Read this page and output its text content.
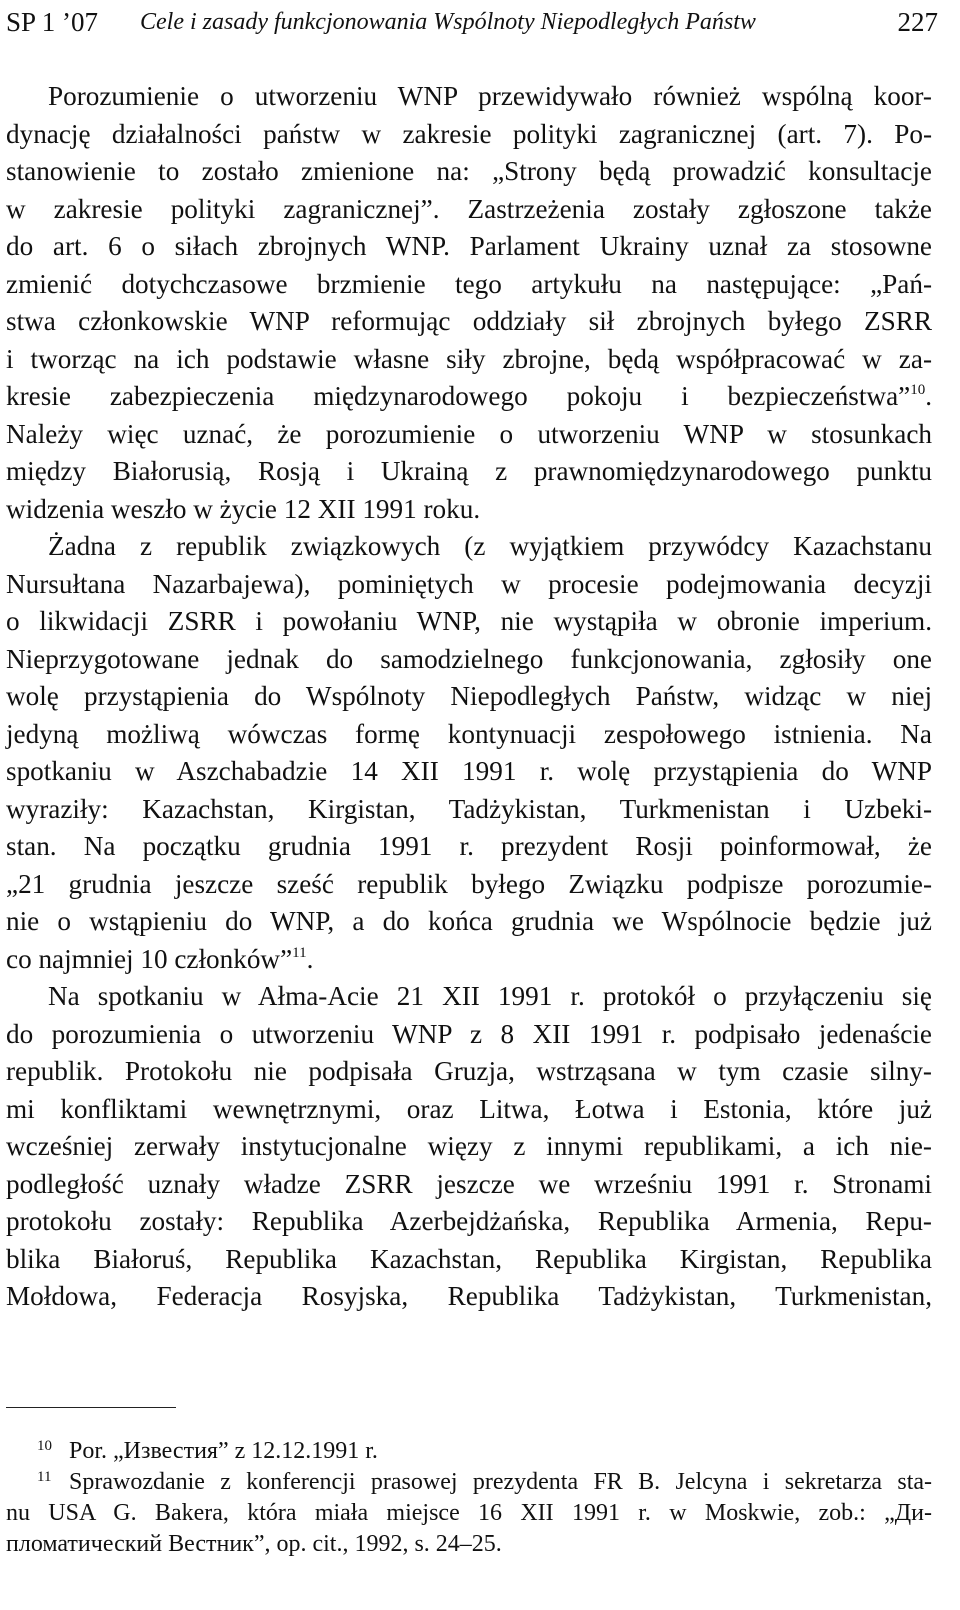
SP 1 ’07 Cele i zasady funkcjonowania Wspólnoty Niepodległych Państw	227
Porozumienie o utworzeniu WNP przewidywało również wspólną koor-
dynację działalności państw w zakresie polityki zagranicznej (art. 7). Po-
stanowienie to zostało zmienione na: „Strony będą prowadzić konsultacje
w zakresie polityki zagranicznej”. Zastrzeżenia zostały zgłoszone także
do art. 6 o siłach zbrojnych WNP. Parlament Ukrainy uznał za stosowne
zmienić dotychczasowe brzmienie tego artykułu na następujące: „Pań-
stwa członkowskie WNP reformując oddziały sił zbrojnych byłego ZSRR
i tworząc na ich podstawie własne siły zbrojne, będą współpracować w za-
kresie zabezpieczenia międzynarodowego pokoju i bezpieczeństwa”$^{10}$.
Należy więc uznać, że porozumienie o utworzeniu WNP w stosunkach
między Białorusią, Rosją i Ukrainą z prawnomiędzynarodowego punktu
widzenia weszło w życie 12 XII 1991 roku.
Żadna z republik związkowych (z wyjątkiem przywódcy Kazachstanu
Nursułtana Nazarbajewa), pominiętych w procesie podejmowania decyzji
o likwidacji ZSRR i powołaniu WNP, nie wystąpiła w obronie imperium.
Nieprzygotowane jednak do samodzielnego funkcjonowania, zgłosiły one
wolę przystąpienia do Wspólnoty Niepodległych Państw, widząc w niej
jedyną możliwą wówczas formę kontynuacji zespołowego istnienia. Na
spotkaniu w Aszchabadzie 14 XII 1991 r. wolę przystąpienia do WNP
wyraziły: Kazachstan, Kirgistan, Tadżykistan, Turkmenistan i Uzbeki-
stan. Na początku grudnia 1991 r. prezydent Rosji poinformował, że
„21 grudnia jeszcze sześć republik byłego Związku podpisze porozumie-
nie o wstąpieniu do WNP, a do końca grudnia we Wspólnocie będzie już
co najmniej 10 członków”$^{11}$.
Na spotkaniu w Ałma-Acie 21 XII 1991 r. protokół o przyłączeniu się
do porozumienia o utworzeniu WNP z 8 XII 1991 r. podpisało jedenaście
republik. Protokołu nie podpisała Gruzja, wstrząsana w tym czasie silny-
mi konfliktami wewnętrznymi, oraz Litwa, Łotwa i Estonia, które już
wcześniej zerwały instytucjonalne więzy z innymi republikami, a ich nie-
podległość uznały władze ZSRR jeszcze we wrześniu 1991 r. Stronami
protokołu zostały: Republika Azerbejdżańska, Republika Armenia, Repu-
blika Białoruś, Republika Kazachstan, Republika Kirgistan, Republika
Mołdowa, Federacja Rosyjska, Republika Tadżykistan, Turkmenistan,
10 Por. „Известия” z 12.12.1991 r.
11 Sprawozdanie z konferencji prasowej prezydenta FR B. Jelcyna i sekretarza sta-
nu USA G. Bakera, która miała miejsce 16 XII 1991 r. w Moskwie, zob.: „Ди-
пломатический Вестник”, op. cit., 1992, s. 24–25.
